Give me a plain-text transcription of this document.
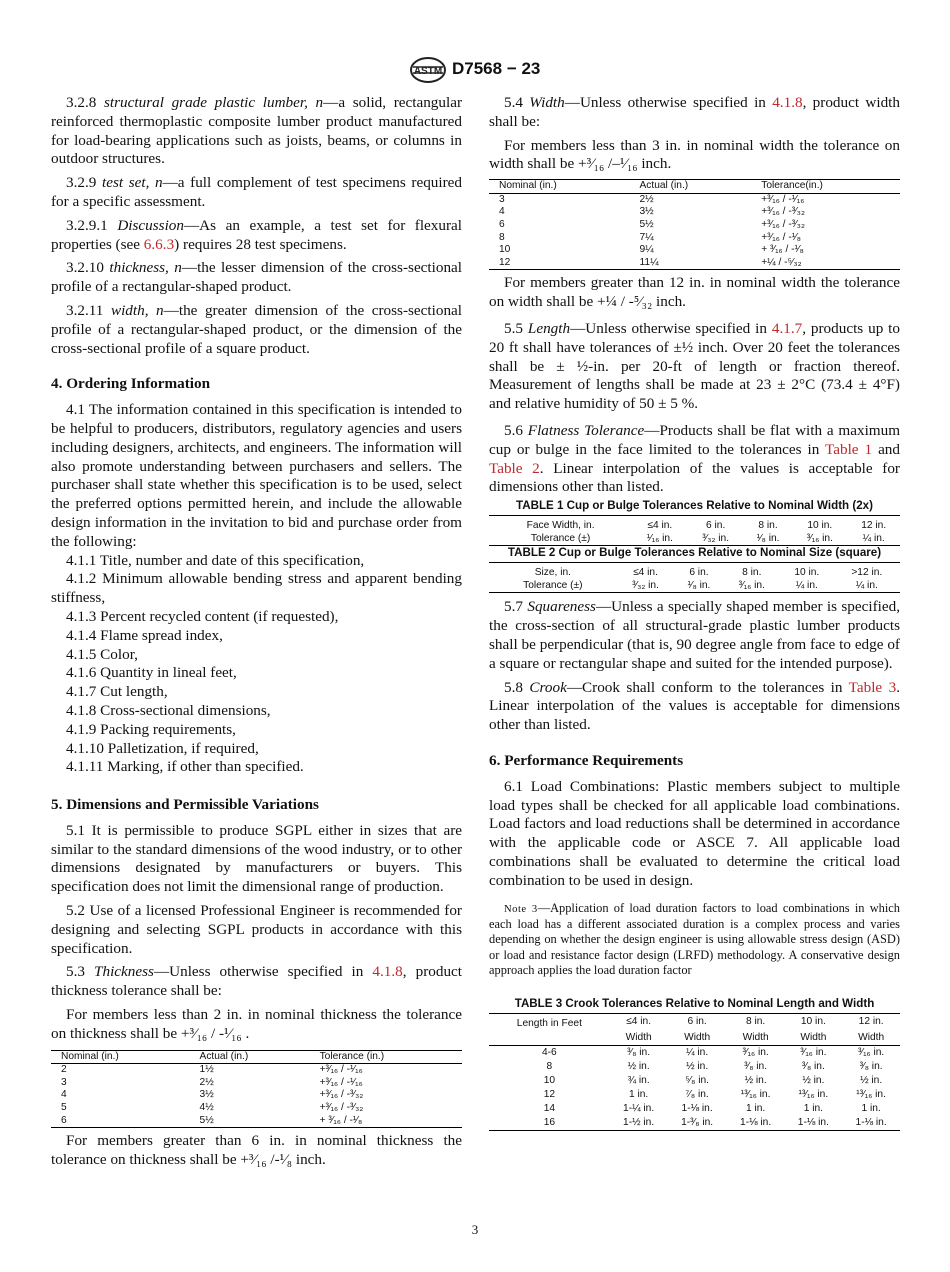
ASTM D7568 − 23

3.2.8 structural grade plastic lumber, n—a solid, rectangular reinforced thermoplastic composite lumber product manufactured for load-bearing applications such as joists, beams, or columns in outdoor structures.

3.2.9 test set, n—a full complement of test specimens required for a specific assessment.

3.2.9.1 Discussion—As an example, a test set for flexural properties (see 6.6.3) requires 28 test specimens.

3.2.10 thickness, n—the lesser dimension of the cross-sectional profile of a rectangular-shaped product.

3.2.11 width, n—the greater dimension of the cross-sectional profile of a rectangular-shaped product, or the dimension of the cross-sectional profile of a square product.

4. Ordering Information

4.1 The information contained in this specification is intended to be helpful to producers, distributors, regulatory agencies and users including designers, architects, and engineers. The information will also promote understanding between purchasers and sellers. The purchaser shall state whether this specification is to be used, select the preferred options permitted herein, and include the allowable design information in the invitation to bid and purchase order from the following:

4.1.1 Title, number and date of this specification,

4.1.2 Minimum allowable bending stress and apparent bending stiffness,

4.1.3 Percent recycled content (if requested),

4.1.4 Flame spread index,

4.1.5 Color,

4.1.6 Quantity in lineal feet,

4.1.7 Cut length,

4.1.8 Cross-sectional dimensions,

4.1.9 Packing requirements,

4.1.10 Palletization, if required,

4.1.11 Marking, if other than specified.

5. Dimensions and Permissible Variations

5.1 It is permissible to produce SGPL either in sizes that are similar to the standard dimensions of the wood industry, or to other dimensions designated by manufacturers or buyers. This specification does not limit the dimensional range of production.

5.2 Use of a licensed Professional Engineer is recommended for designing and selecting SGPL products in accordance with this specification.

5.3 Thickness—Unless otherwise specified in 4.1.8, product thickness tolerance shall be:

For members less than 2 in. in nominal thickness the tolerance on thickness shall be +³⁄₁₆ / -¹⁄₁₆ .

Nominal (in.)	Actual (in.)	Tolerance (in.)
2	1½	+³⁄₁₆ / -¹⁄₁₆
3	2½	+³⁄₁₆ / -¹⁄₁₆
4	3½	+³⁄₁₆ / -³⁄₃₂
5	4½	+³⁄₁₆ / -³⁄₃₂
6	5½	+ ³⁄₁₆ / -¹⁄₈

For members greater than 6 in. in nominal thickness the tolerance on thickness shall be +³⁄₁₆ /-¹⁄₈ inch.

5.4 Width—Unless otherwise specified in 4.1.8, product width shall be:

For members less than 3 in. in nominal width the tolerance on width shall be +³⁄₁₆ /–¹⁄₁₆ inch.

Nominal (in.)	Actual (in.)	Tolerance(in.)
3	2½	+³⁄₁₆ / -¹⁄₁₆
4	3½	+³⁄₁₆ / -³⁄₃₂
6	5½	+³⁄₁₆ / -³⁄₃₂
8	7¼	+³⁄₁₆ / -¹⁄₈
10	9¼	+ ³⁄₁₆ / -¹⁄₈
12	11¼	+¼ / -⁵⁄₃₂

For members greater than 12 in. in nominal width the tolerance on width shall be +¼ / -⁵⁄₃₂ inch.

5.5 Length—Unless otherwise specified in 4.1.7, products up to 20 ft shall have tolerances of ±½ inch. Over 20 feet the tolerances shall be ± ½-in. per 20-ft of length or fraction thereof. Measurement of lengths shall be made at 23 ± 2°C (73.4 ± 4°F) and relative humidity of 50 ± 5 %.

5.6 Flatness Tolerance—Products shall be flat with a maximum cup or bulge in the face limited to the tolerances in Table 1 and Table 2. Linear interpolation of the values is acceptable for dimensions other than listed.

TABLE 1 Cup or Bulge Tolerances Relative to Nominal Width (2x)
Face Width, in.	≤4 in.	6 in.	8 in.	10 in.	12 in.
Tolerance (±)	¹⁄₁₆ in.	³⁄₃₂ in.	¹⁄₈ in.	³⁄₁₆ in.	¼ in.
TABLE 2 Cup or Bulge Tolerances Relative to Nominal Size (square)
Size, in.	≤4 in.	6 in.	8 in.	10 in.	>12 in.
Tolerance (±)	³⁄₃₂ in.	¹⁄₈ in.	³⁄₁₆ in.	¼ in.	¼ in.

5.7 Squareness—Unless a specially shaped member is specified, the cross-section of all structural-grade plastic lumber products shall be perpendicular (that is, 90 degree angle from face to edge of a square or rectangular shape and suited for the intended purpose).

5.8 Crook—Crook shall conform to the tolerances in Table 3. Linear interpolation of the values is acceptable for dimensions other than listed.

6. Performance Requirements

6.1 Load Combinations: Plastic members subject to multiple load types shall be checked for all applicable load combinations. Load factors and load reductions shall be determined in accordance with the applicable code or ASCE 7. All applicable load combinations shall be evaluated to determine the critical load combination to be used in design.

Note 3—Application of load duration factors to load combinations in which each load has a different associated duration is a complex process and varies depending on whether the design engineer is using allowable stress design (ASD) or load and resistance factor design (LRFD) methodology. A conservative design approach applies the load duration factor

TABLE 3 Crook Tolerances Relative to Nominal Length and Width
Length in Feet	≤4 in.	6 in.	8 in.	10 in.	12 in.
	Width	Width	Width	Width	Width
4-6	³⁄₈ in.	¼ in.	³⁄₁₆ in.	³⁄₁₆ in.	³⁄₁₆ in.
8	½ in.	½ in.	³⁄₈ in.	³⁄₈ in.	³⁄₈ in.
10	¾ in.	⁵⁄₈ in.	½ in.	½ in.	½ in.
12	1 in.	⁷⁄₈ in.	¹³⁄₁₆ in.	¹³⁄₁₆ in.	¹³⁄₁₆ in.
14	1-¼ in.	1-⅛ in.	1 in.	1 in.	1 in.
16	1-½ in.	1-³⁄₈ in.	1-⅛ in.	1-⅛ in.	1-⅛ in.
3
